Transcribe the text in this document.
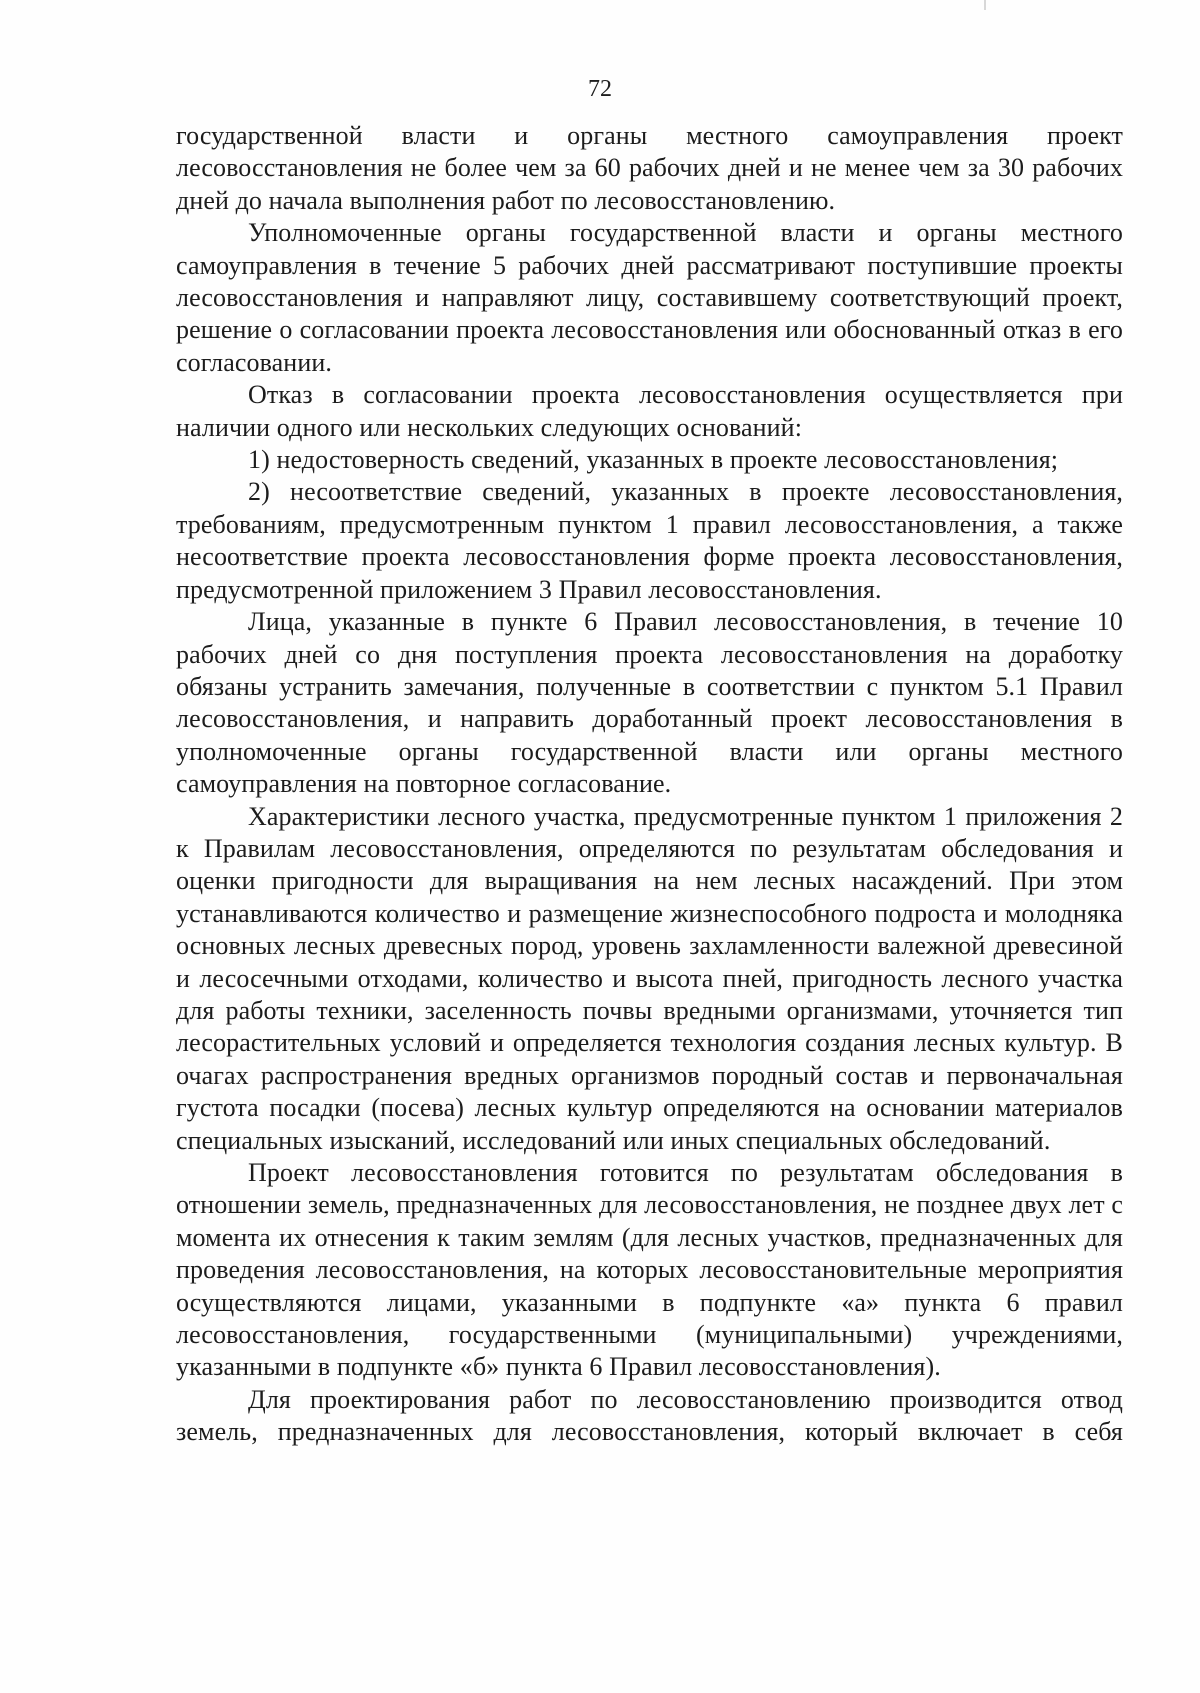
72

государственной власти и органы местного самоуправления проект лесовосстановления не более чем за 60 рабочих дней и не менее чем за 30 рабочих дней до начала выполнения работ по лесовосстановлению.

Уполномоченные органы государственной власти и органы местного самоуправления в течение 5 рабочих дней рассматривают поступившие проекты лесовосстановления и направляют лицу, составившему соответствующий проект, решение о согласовании проекта лесовосстановления или обоснованный отказ в его согласовании.

Отказ в согласовании проекта лесовосстановления осуществляется при наличии одного или нескольких следующих оснований:

1) недостоверность сведений, указанных в проекте лесовосстановления;

2) несоответствие сведений, указанных в проекте лесовосстановления, требованиям, предусмотренным пунктом 1 правил лесовосстановления, а также несоответствие проекта лесовосстановления форме проекта лесовосстановления, предусмотренной приложением 3 Правил лесовосстановления.

Лица, указанные в пункте 6 Правил лесовосстановления, в течение 10 рабочих дней со дня поступления проекта лесовосстановления на доработку обязаны устранить замечания, полученные в соответствии с пунктом 5.1 Правил лесовосстановления, и направить доработанный проект лесовосстановления в уполномоченные органы государственной власти или органы местного самоуправления на повторное согласование.

Характеристики лесного участка, предусмотренные пунктом 1 приложения 2 к Правилам лесовосстановления, определяются по результатам обследования и оценки пригодности для выращивания на нем лесных насаждений. При этом устанавливаются количество и размещение жизнеспособного подроста и молодняка основных лесных древесных пород, уровень захламленности валежной древесиной и лесосечными отходами, количество и высота пней, пригодность лесного участка для работы техники, заселенность почвы вредными организмами, уточняется тип лесорастительных условий и определяется технология создания лесных культур. В очагах распространения вредных организмов породный состав и первоначальная густота посадки (посева) лесных культур определяются на основании материалов специальных изысканий, исследований или иных специальных обследований.

Проект лесовосстановления готовится по результатам обследования в отношении земель, предназначенных для лесовосстановления, не позднее двух лет с момента их отнесения к таким землям (для лесных участков, предназначенных для проведения лесовосстановления, на которых лесовосстановительные мероприятия осуществляются лицами, указанными в подпункте «а» пункта 6 правил лесовосстановления, государственными (муниципальными) учреждениями, указанными в подпункте «б» пункта 6 Правил лесовосстановления).

Для проектирования работ по лесовосстановлению производится отвод земель, предназначенных для лесовосстановления, который включает в себя
